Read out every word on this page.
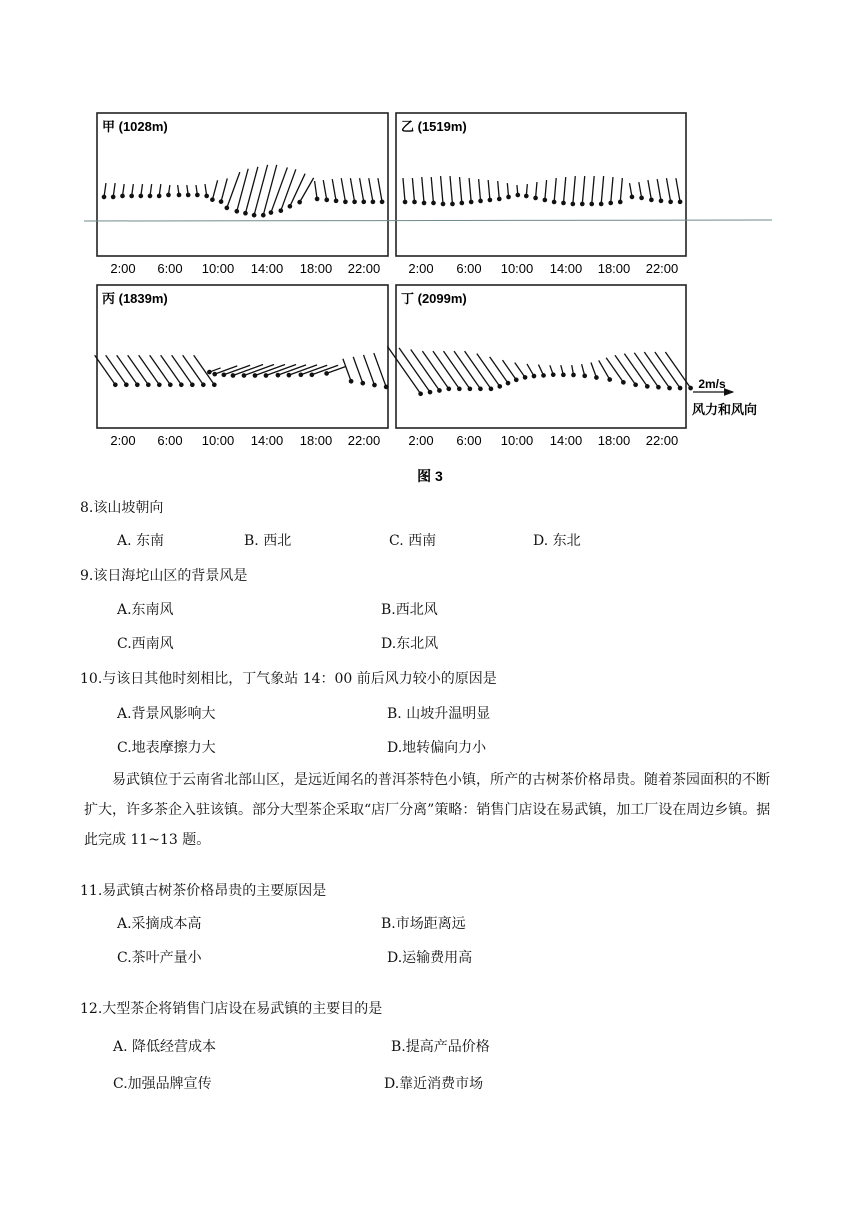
甲 (1028m)	乙 (1519m)
丙 (1839m)	丁 (2099m)
2:00 6:00 10:00 14:00 18:00 22:00 2:00 6:00 10:00 14:00 18:00 22:00
2:00 6:00 10:00 14:00 18:00 22:00 2:00 6:00 10:00 14:00 18:00 22:00
2m/s
风力和风向
图 3
8.该山坡朝向
A. 东南	B. 西北	C. 西南	D. 东北
9.该日海坨山区的背景风是
A.东南风	B.西北风
C.西南风	D.东北风
10.与该日其他时刻相比，丁气象站 14：00 前后风力较小的原因是
A.背景风影响大	B. 山坡升温明显
C.地表摩擦力大	D.地转偏向力小
易武镇位于云南省北部山区，是远近闻名的普洱茶特色小镇，所产的古树茶价格昂贵。随着茶园面积的不断扩大，许多茶企入驻该镇。部分大型茶企采取“店厂分离”策略：销售门店设在易武镇，加工厂设在周边乡镇。据此完成 11~13 题。
11.易武镇古树茶价格昂贵的主要原因是
A.采摘成本高	B.市场距离远
C.茶叶产量小	D.运输费用高
12.大型茶企将销售门店设在易武镇的主要目的是
A. 降低经营成本	B.提高产品价格
C.加强品牌宣传	D.靠近消费市场
